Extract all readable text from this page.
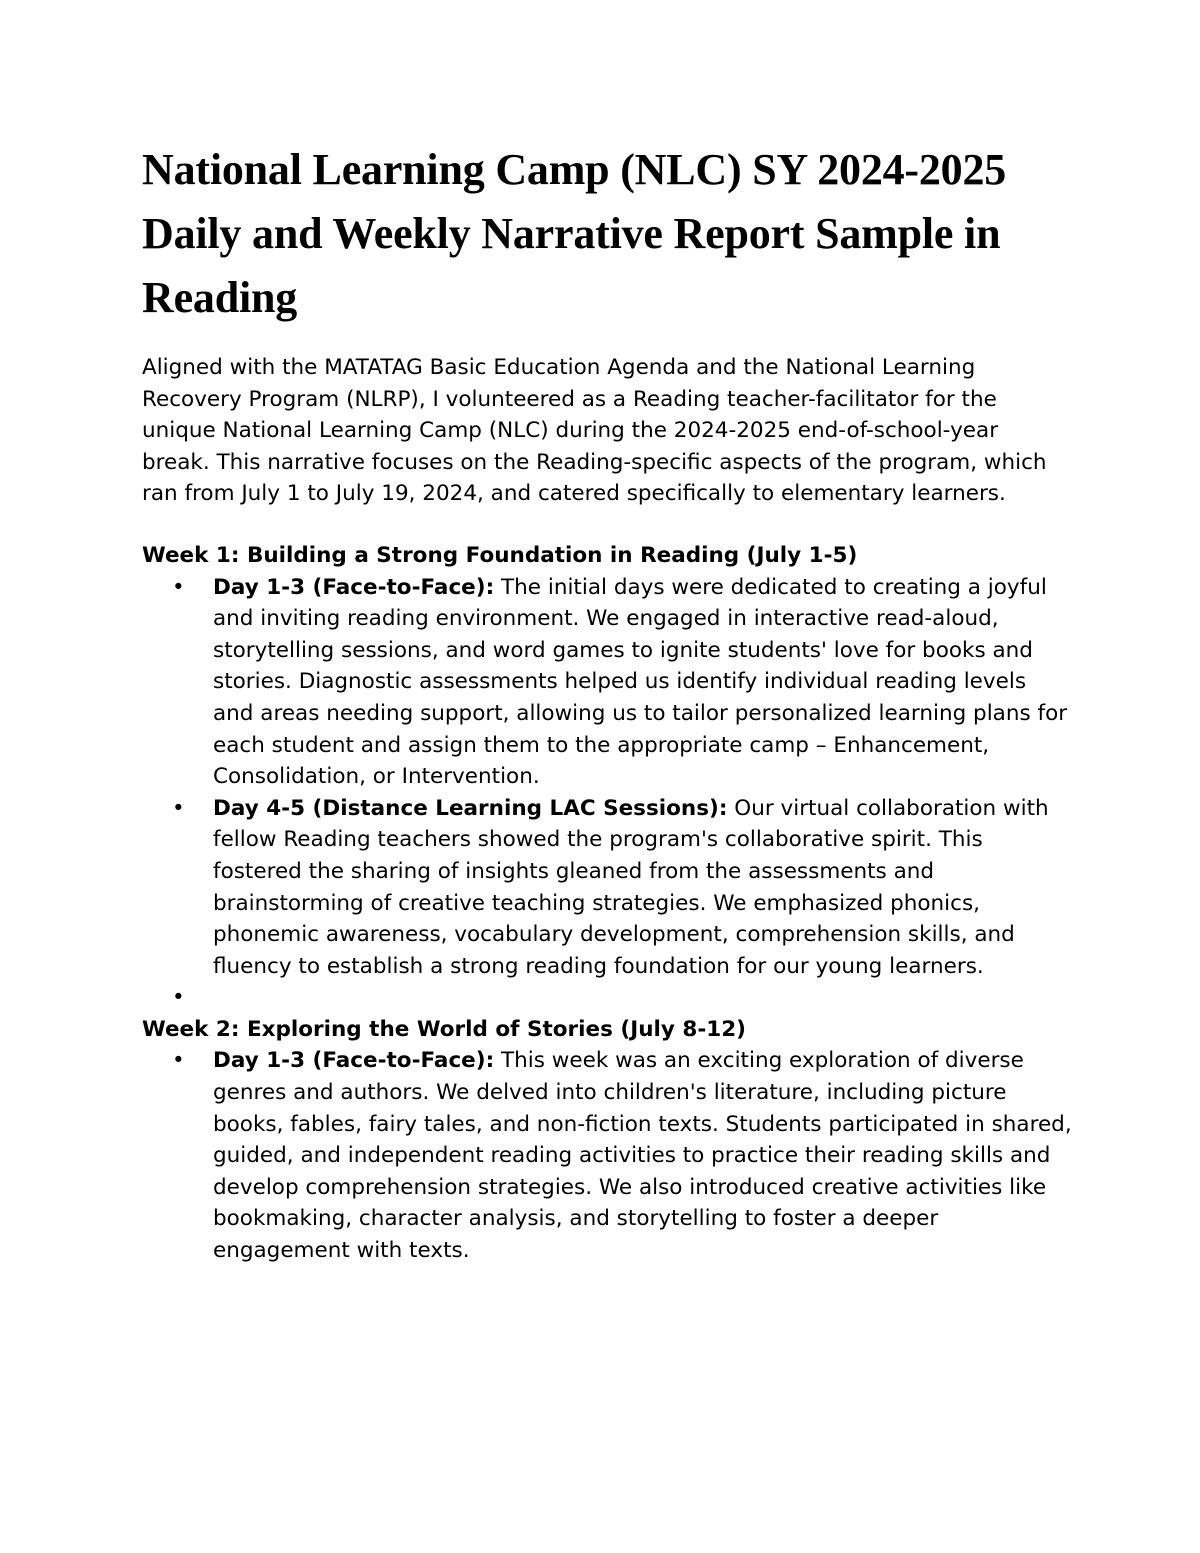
National Learning Camp (NLC) SY 2024-2025 Daily and Weekly Narrative Report Sample in Reading

Aligned with the MATATAG Basic Education Agenda and the National Learning Recovery Program (NLRP), I volunteered as a Reading teacher-facilitator for the unique National Learning Camp (NLC) during the 2024-2025 end-of-school-year break. This narrative focuses on the Reading-specific aspects of the program, which ran from July 1 to July 19, 2024, and catered specifically to elementary learners.

Week 1: Building a Strong Foundation in Reading (July 1-5)

• Day 1-3 (Face-to-Face): The initial days were dedicated to creating a joyful and inviting reading environment. We engaged in interactive read-aloud, storytelling sessions, and word games to ignite students' love for books and stories. Diagnostic assessments helped us identify individual reading levels and areas needing support, allowing us to tailor personalized learning plans for each student and assign them to the appropriate camp – Enhancement, Consolidation, or Intervention.
• Day 4-5 (Distance Learning LAC Sessions): Our virtual collaboration with fellow Reading teachers showed the program's collaborative spirit. This fostered the sharing of insights gleaned from the assessments and brainstorming of creative teaching strategies. We emphasized phonics, phonemic awareness, vocabulary development, comprehension skills, and fluency to establish a strong reading foundation for our young learners.
•

Week 2: Exploring the World of Stories (July 8-12)

• Day 1-3 (Face-to-Face): This week was an exciting exploration of diverse genres and authors. We delved into children's literature, including picture books, fables, fairy tales, and non-fiction texts. Students participated in shared, guided, and independent reading activities to practice their reading skills and develop comprehension strategies. We also introduced creative activities like bookmaking, character analysis, and storytelling to foster a deeper engagement with texts.
